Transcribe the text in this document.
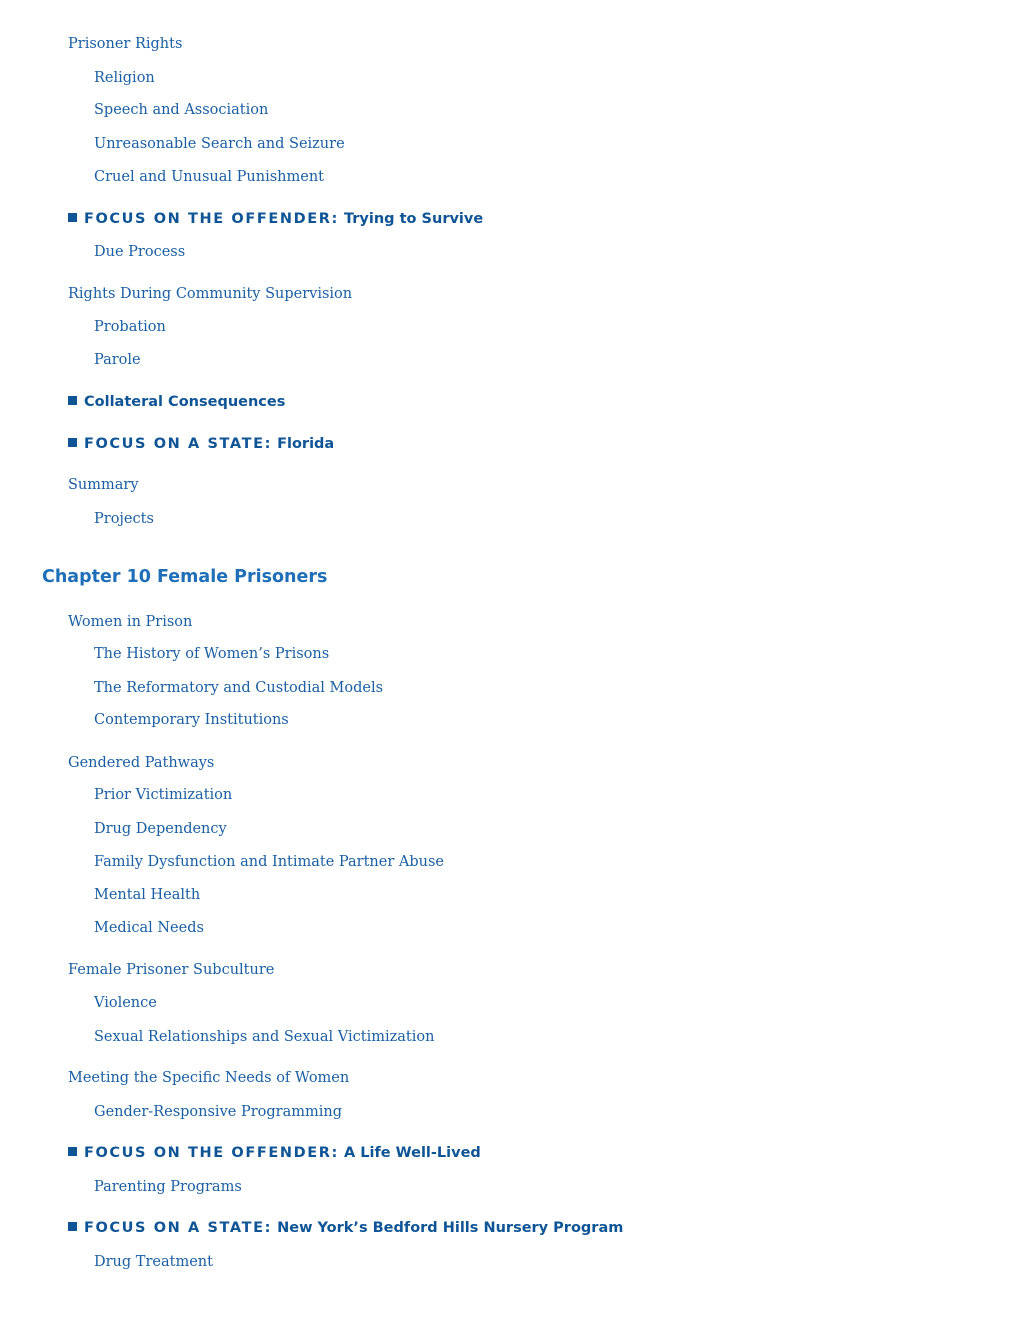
Prisoner Rights
Religion
Speech and Association
Unreasonable Search and Seizure
Cruel and Unusual Punishment
FOCUS ON THE OFFENDER: Trying to Survive
Due Process
Rights During Community Supervision
Probation
Parole
Collateral Consequences
FOCUS ON A STATE: Florida
Summary
Projects
Chapter 10 Female Prisoners
Women in Prison
The History of Women’s Prisons
The Reformatory and Custodial Models
Contemporary Institutions
Gendered Pathways
Prior Victimization
Drug Dependency
Family Dysfunction and Intimate Partner Abuse
Mental Health
Medical Needs
Female Prisoner Subculture
Violence
Sexual Relationships and Sexual Victimization
Meeting the Specific Needs of Women
Gender-Responsive Programming
FOCUS ON THE OFFENDER: A Life Well-Lived
Parenting Programs
FOCUS ON A STATE: New York’s Bedford Hills Nursery Program
Drug Treatment
